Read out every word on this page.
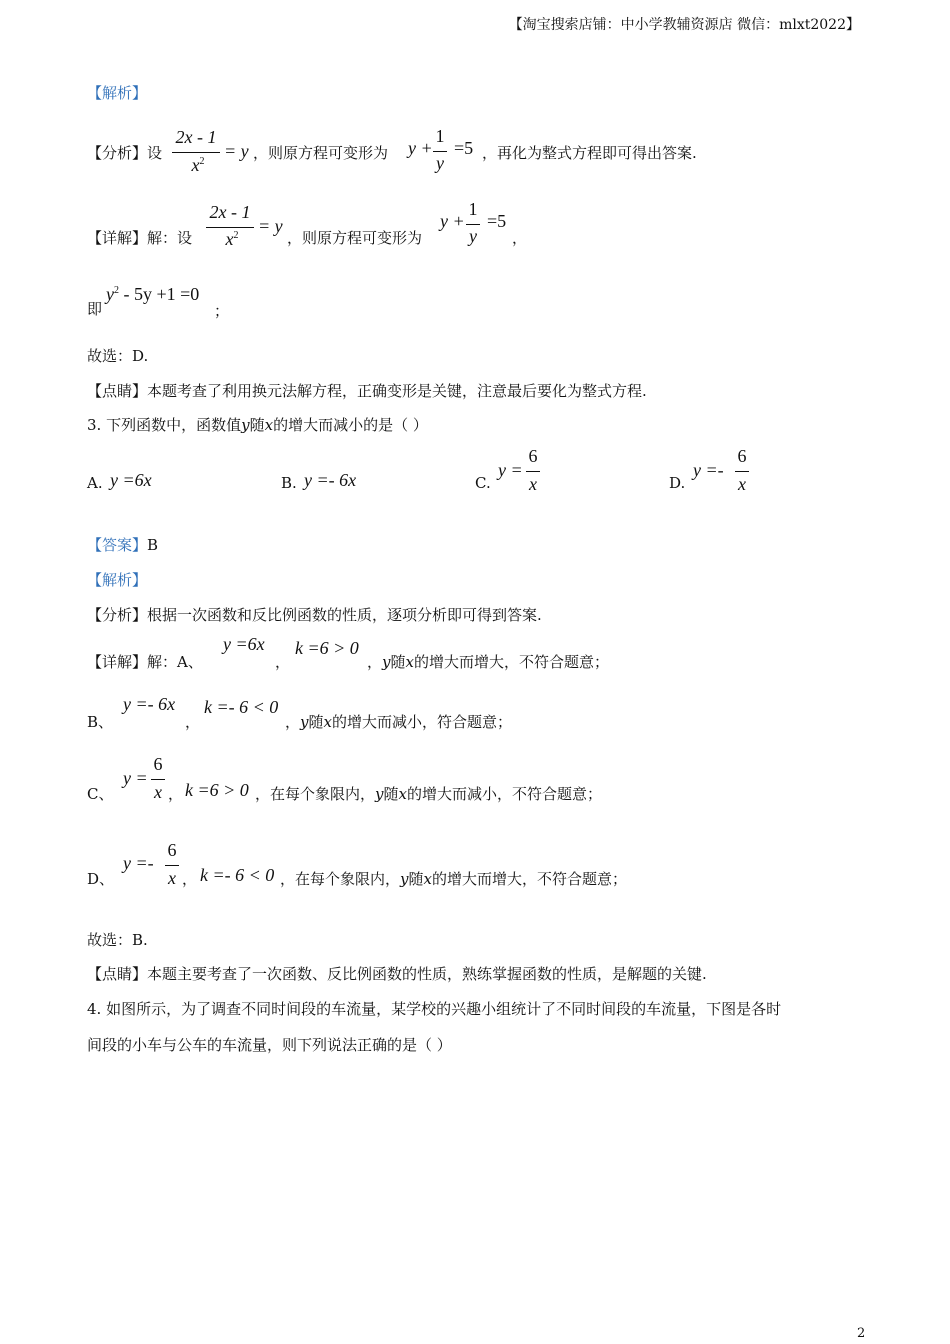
【淘宝搜索店铺：中小学教辅资源店 微信：mlxt2022】
【解析】
【分析】设
2x - 1
$x^2$
= y ，则原方程可变形为 y +
1
y
=5 ，再化为整式方程即可得出答案.
【详解】解：设
2x - 1
$x^2$	= y
，则原方程可变形为
y +
1
y
=5
，
即
$y^2 - 5y +1 =0$
；
故选：D.
【点睛】本题考查了利用换元法解方程，正确变形是关键，注意最后要化为整式方程.
3. 下列函数中，函数值y随x的增大而减小的是（ ）
A. y =6x	B. y =- 6x	C.
y =
6
x	D.
y =-
6
x
【答案】B
【解析】
【分析】根据一次函数和反比例函数的性质，逐项分析即可得到答案.
【详解】解：A、
y =6x
，
k =6 > 0
，y随x的增大而增大，不符合题意；
B、
y =- 6x
，
k =- 6 < 0
，y随x的增大而减小，符合题意；
C、
y =
6
x ， k =6 > 0 ，在每个象限内，y随x的增大而减小，不符合题意；
D、
y =-
6
x ， k =- 6 < 0 ，在每个象限内，y随x的增大而增大，不符合题意；
故选：B.
【点睛】本题主要考查了一次函数、反比例函数的性质，熟练掌握函数的性质，是解题的关键.
4. 如图所示，为了调查不同时间段的车流量，某学校的兴趣小组统计了不同时间段的车流量，下图是各时
间段的小车与公车的车流量，则下列说法正确的是（ ）
2
